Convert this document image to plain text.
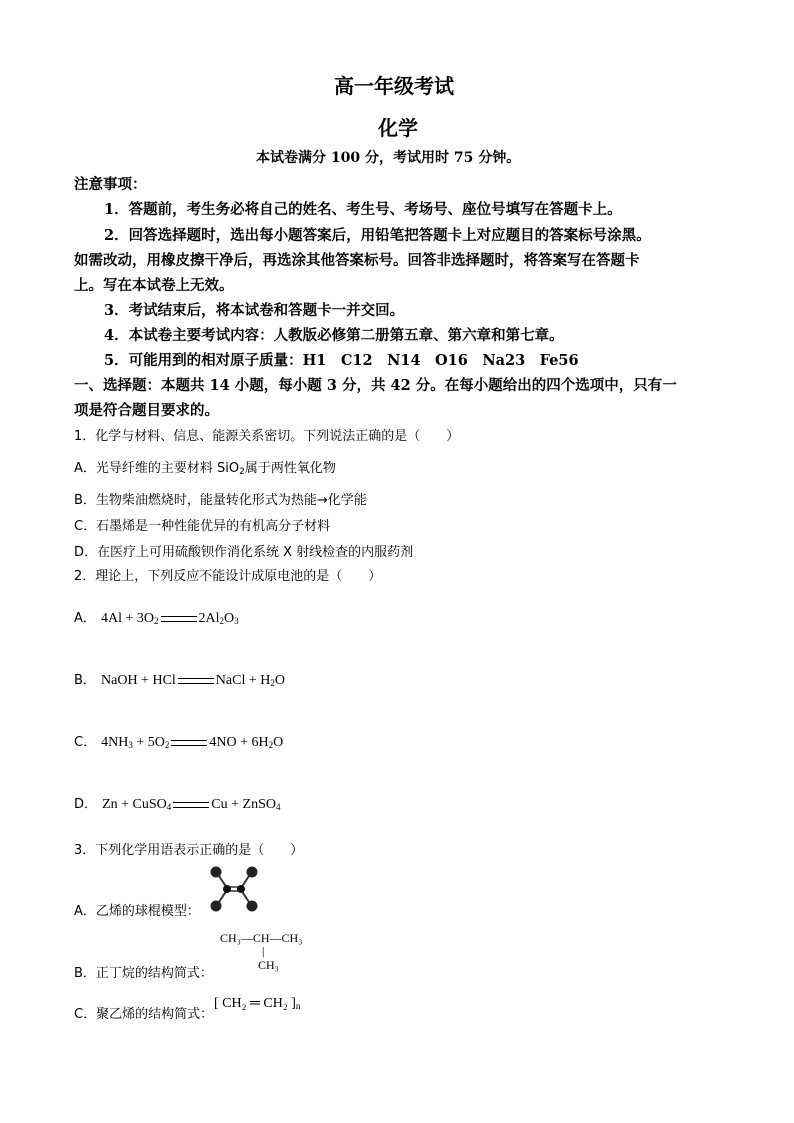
高一年级考试
化学
本试卷满分 100 分，考试用时 75 分钟。
注意事项：
1．答题前，考生务必将自己的姓名、考生号、考场号、座位号填写在答题卡上。
2．回答选择题时，选出每小题答案后，用铅笔把答题卡上对应题目的答案标号涂黑。
如需改动，用橡皮擦干净后，再选涂其他答案标号。回答非选择题时，将答案写在答题卡
上。写在本试卷上无效。
3．考试结束后，将本试卷和答题卡一并交回。
4．本试卷主要考试内容：人教版必修第二册第五章、第六章和第七章。
5．可能用到的相对原子质量：H1　C12　N14　O16　Na23　Fe56
一、选择题：本题共 14 小题，每小题 3 分，共 42 分。在每小题给出的四个选项中，只有一
项是符合题目要求的。
1．化学与材料、信息、能源关系密切。下列说法正确的是（　　）
A．光导纤维的主要材料 SiO$_2$属于两性氧化物
B．生物柴油燃烧时，能量转化形式为热能→化学能
C．石墨烯是一种性能优异的有机高分子材料
D．在医疗上可用硫酸钡作消化系统 X 射线检查的内服药剂
2．理论上，下列反应不能设计成原电池的是（　　）
A． $4Al + 3O_2$	$2Al_2O_3$
B． NaOH + HCl	NaCl + $H_2O$
C． $4NH_3 + 5O_2$	$4NO + 6H_2O$
D． Zn + CuSO$_4$	Cu + ZnSO$_4$
3．下列化学用语表示正确的是（　　）
A．乙烯的球棍模型：
CH₃—CH—CH₃
|
CH₃
B．正丁烷的结构简式：
C．聚乙烯的结构简式：
[ CH₂ ═ CH₂ ]$_n$
